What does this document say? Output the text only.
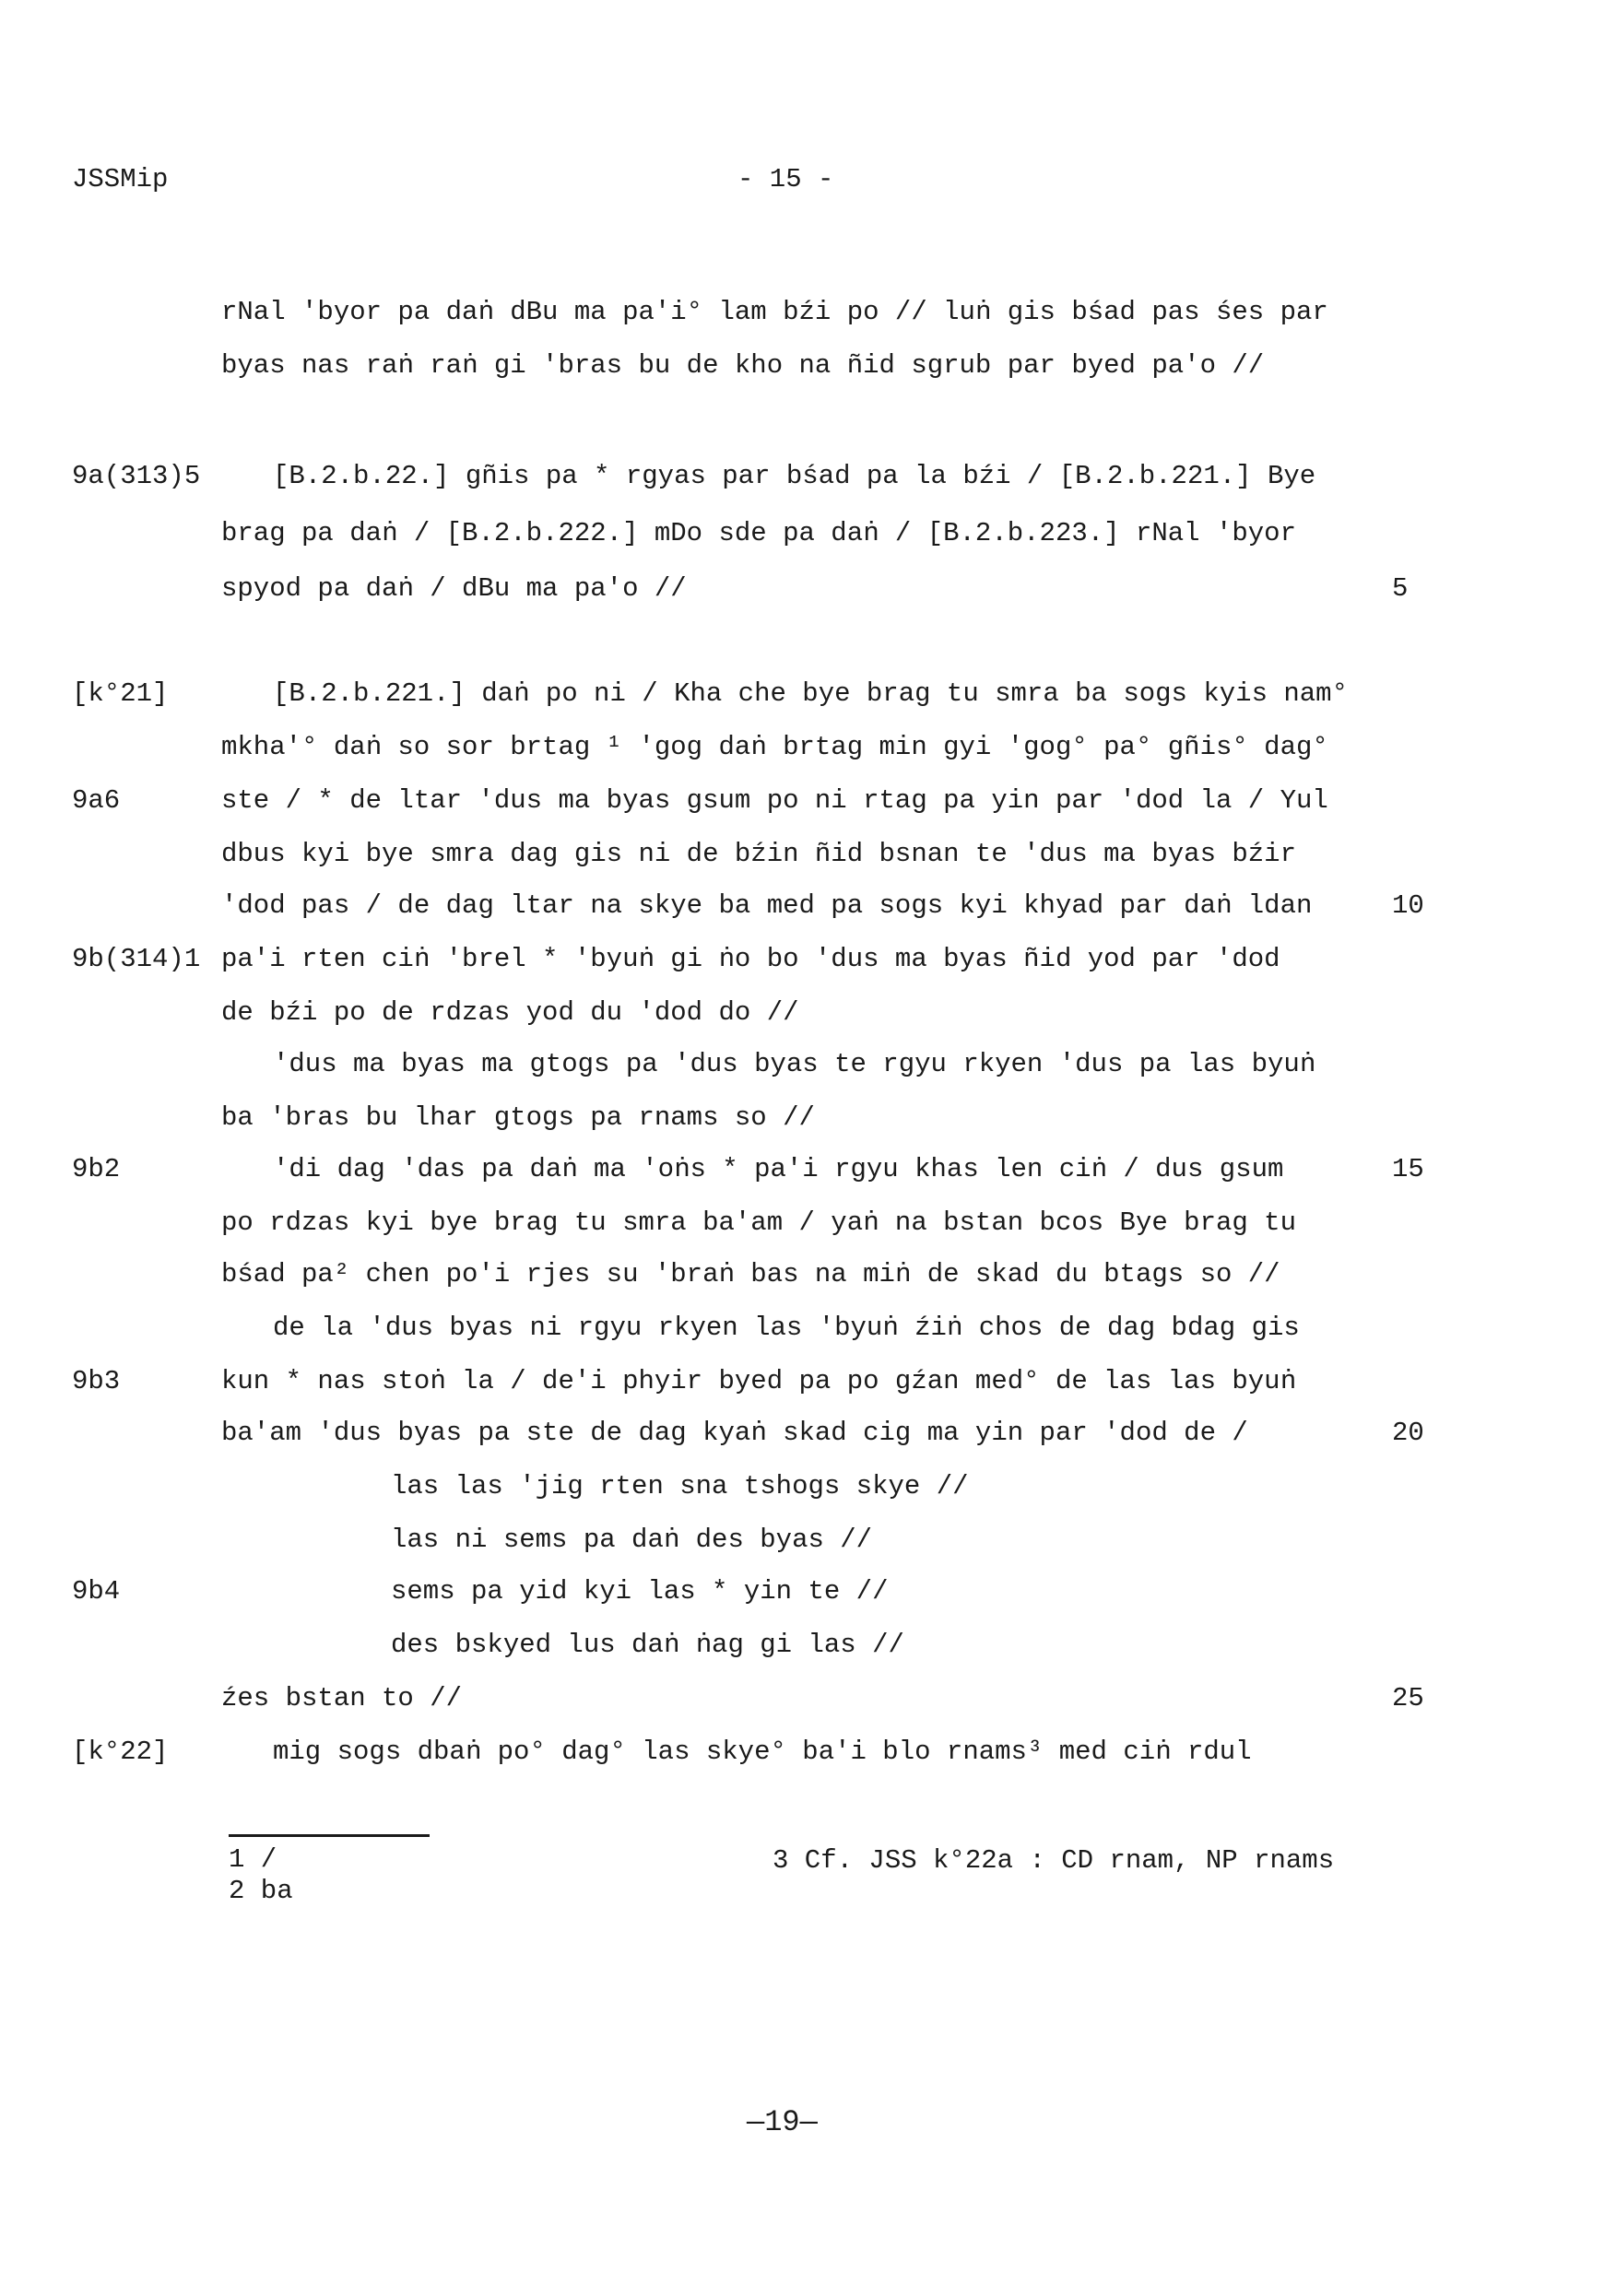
JSSMip	- 15 -
rNal 'byor pa daṅ dBu ma pa'i° lam bźi po // luṅ gis bśad pas śes par
byas nas raṅ raṅ gi 'bras bu de kho na ñid sgrub par byed pa'o //
9a(313)5	[B.2.b.22.] gñis pa * rgyas par bśad pa la bźi / [B.2.b.221.] Bye
brag pa daṅ / [B.2.b.222.] mDo sde pa daṅ / [B.2.b.223.] rNal 'byor
spyod pa daṅ / dBu ma pa'o //	5
[k°21]	[B.2.b.221.] daṅ po ni / Kha che bye brag tu smra ba sogs kyis nam°
mkha'° daṅ so sor brtag ¹ 'gog daṅ brtag min gyi 'gog° pa° gñis° dag°
9a6	ste / * de ltar 'dus ma byas gsum po ni rtag pa yin par 'dod la / Yul
dbus kyi bye smra dag gis ni de bźin ñid bsnan te 'dus ma byas bźir
'dod pas / de dag ltar na skye ba med pa sogs kyi khyad par daṅ ldan	10
9b(314)1 pa'i rten ciṅ 'brel * 'byuṅ gi ṅo bo 'dus ma byas ñid yod par 'dod
de bźi po de rdzas yod du 'dod do //
'dus ma byas ma gtogs pa 'dus byas te rgyu rkyen 'dus pa las byuṅ
ba 'bras bu lhar gtogs pa rnams so //
9b2	'di dag 'das pa daṅ ma 'oṅs * pa'i rgyu khas len ciṅ / dus gsum	15
po rdzas kyi bye brag tu smra ba'am / yaṅ na bstan bcos Bye brag tu
bśad pa² chen po'i rjes su 'braṅ bas na miṅ de skad du btags so //
de la 'dus byas ni rgyu rkyen las 'byuṅ źiṅ chos de dag bdag gis
9b3	kun * nas stoṅ la / de'i phyir byed pa po gźan med° de las las byuṅ
ba'am 'dus byas pa ste de dag kyaṅ skad cig ma yin par 'dod de /	20
las las 'jig rten sna tshogs skye //
las ni sems pa daṅ des byas //
9b4	sems pa yid kyi las * yin te //
des bskyed lus daṅ ṅag gi las //
źes bstan to //	25
[k°22]	mig sogs dbaṅ po° dag° las skye° ba'i blo rnams³ med ciṅ rdul
1 /
2 ba
3 Cf. JSS k°22a : CD rnam, NP rnams
—19—
